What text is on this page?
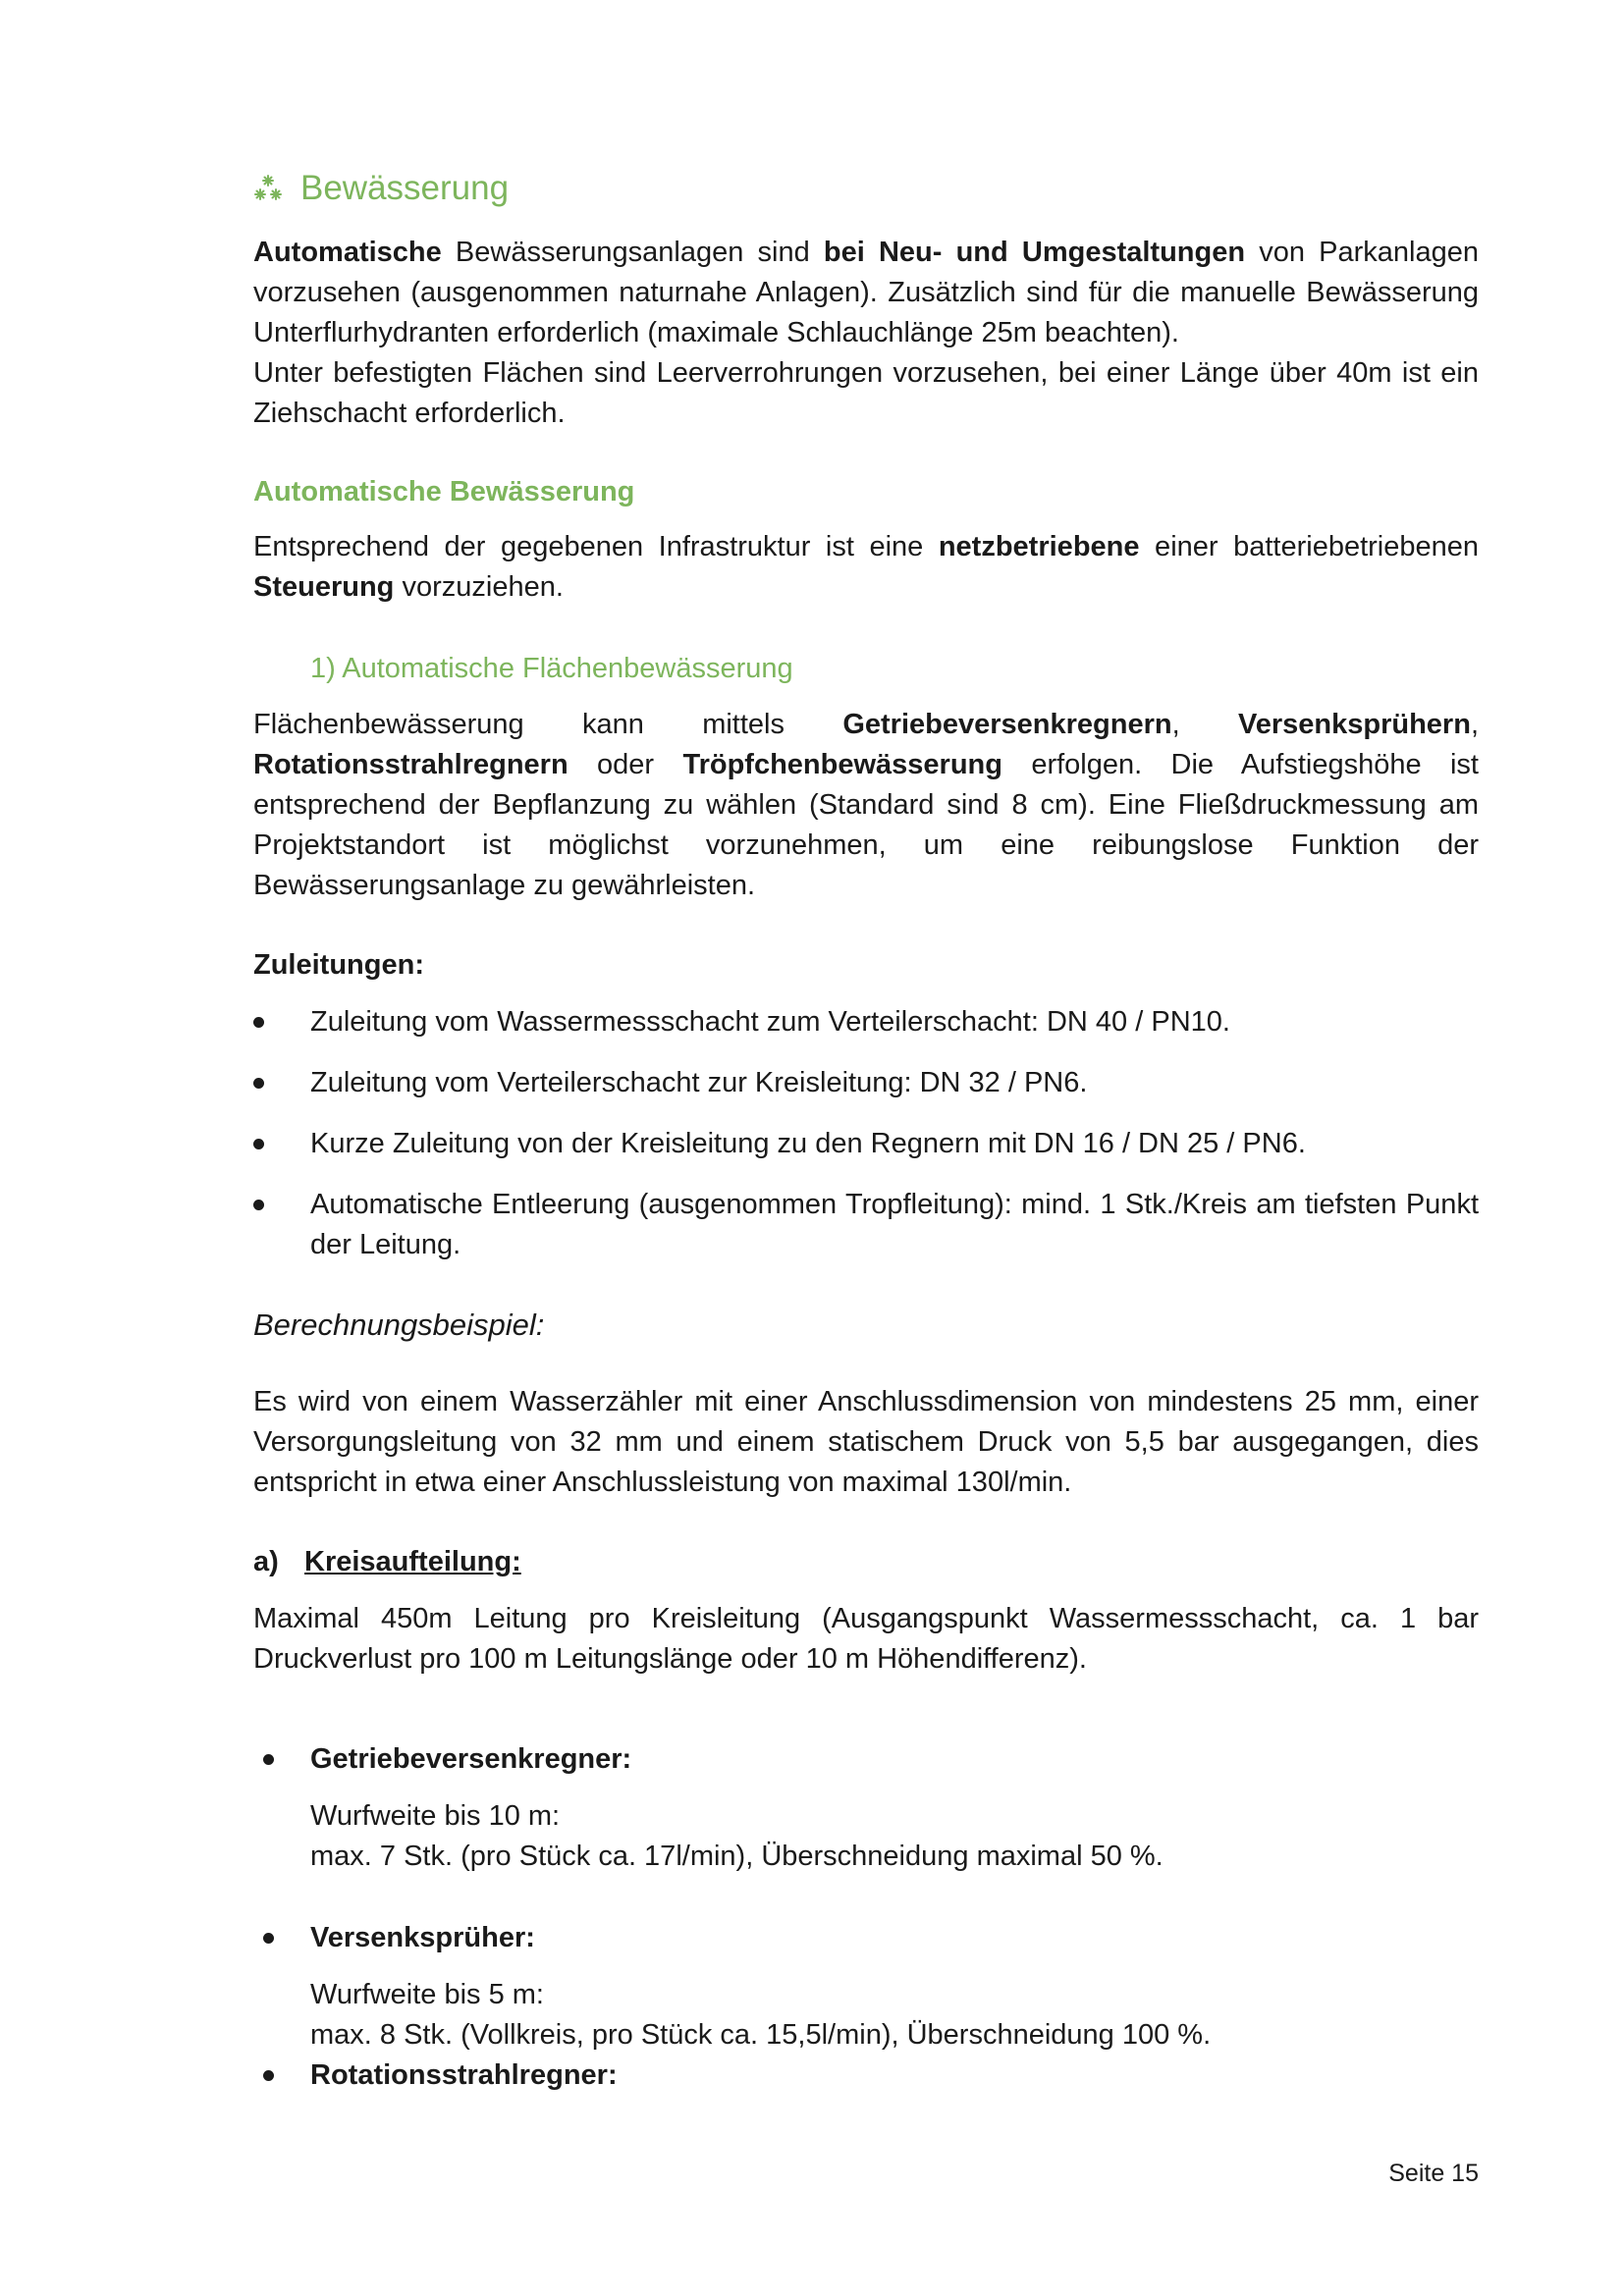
Bewässerung

Automatische Bewässerungsanlagen sind bei Neu- und Umgestaltungen von Parkanlagen vorzusehen (ausgenommen naturnahe Anlagen). Zusätzlich sind für die manuelle Bewässerung Unterflurhydranten erforderlich (maximale Schlauchlänge 25m beachten).

Unter befestigten Flächen sind Leerverrohrungen vorzusehen, bei einer Länge über 40m ist ein Ziehschacht erforderlich.

Automatische Bewässerung

Entsprechend der gegebenen Infrastruktur ist eine netzbetriebene einer batteriebetriebenen Steuerung vorzuziehen.

1) Automatische Flächenbewässerung

Flächenbewässerung kann mittels Getriebeversenkregnern, Versenksprühern, Rotationsstrahlregnern oder Tröpfchenbewässerung erfolgen. Die Aufstiegshöhe ist entsprechend der Bepflanzung zu wählen (Standard sind 8 cm). Eine Fließdruckmessung am Projektstandort ist möglichst vorzunehmen, um eine reibungslose Funktion der Bewässerungsanlage zu gewährleisten.

Zuleitungen:

Zuleitung vom Wassermessschacht zum Verteilerschacht: DN 40 / PN10.
Zuleitung vom Verteilerschacht zur Kreisleitung: DN 32 / PN6.
Kurze Zuleitung von der Kreisleitung zu den Regnern mit DN 16 / DN 25 / PN6.
Automatische Entleerung (ausgenommen Tropfleitung): mind. 1 Stk./Kreis am tiefsten Punkt der Leitung.

Berechnungsbeispiel:

Es wird von einem Wasserzähler mit einer Anschlussdimension von mindestens 25 mm, einer Versorgungsleitung von 32 mm und einem statischem Druck von 5,5 bar ausgegangen, dies entspricht in etwa einer Anschlussleistung von maximal 130l/min.

a) Kreisaufteilung:

Maximal 450m Leitung pro Kreisleitung (Ausgangspunkt Wassermessschacht, ca. 1 bar Druckverlust pro 100 m Leitungslänge oder 10 m Höhendifferenz).

Getriebeversenkregner:

Wurfweite bis 10 m:

max. 7 Stk. (pro Stück ca. 17l/min), Überschneidung maximal 50 %.

Versenksprüher:

Wurfweite bis 5 m:

max. 8 Stk. (Vollkreis, pro Stück ca. 15,5l/min), Überschneidung 100 %.

Rotationsstrahlregner:
Seite 15
